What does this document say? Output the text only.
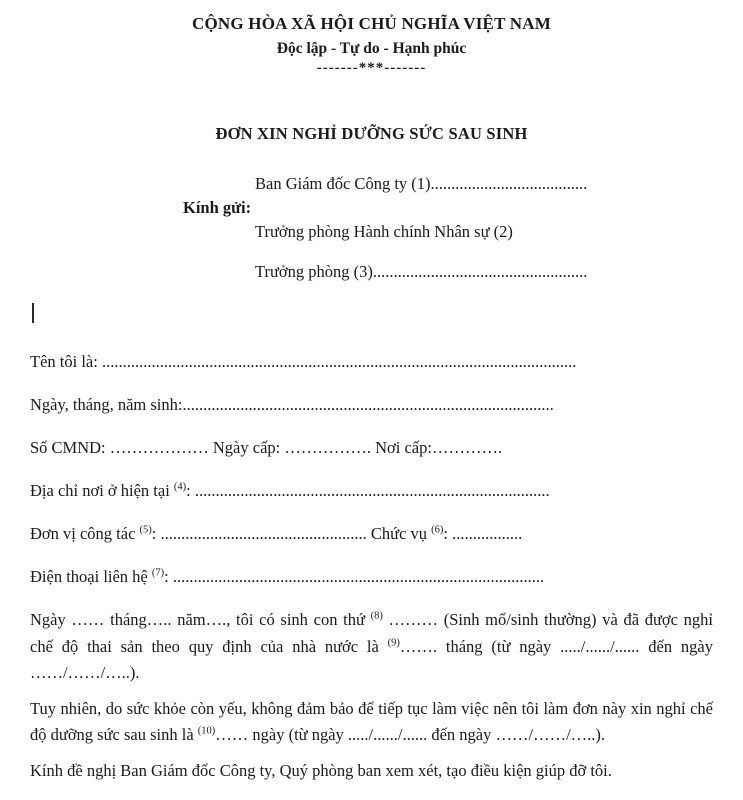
CỘNG HÒA XÃ HỘI CHỦ NGHĨA VIỆT NAM
Độc lập - Tự do - Hạnh phúc
-------***-------
ĐƠN XIN NGHỈ DƯỠNG SỨC SAU SINH
Ban Giám đốc Công ty (1)......................................
Kính gửi:
Trưởng phòng Hành chính Nhân sự (2)
Trưởng phòng (3)....................................................
Tên tôi là: ...................................................................................................................
Ngày, tháng, năm sinh:..........................................................................................
Số CMND: ……………… Ngày cấp: ……………. Nơi cấp:………….
Địa chỉ nơi ở hiện tại $^{(4)}$: ......................................................................................
Đơn vị công tác $^{(5)}$: .................................................. Chức vụ $^{(6)}$: .................
Điện thoại liên hệ $^{(7)}$: ..........................................................................................

Ngày …… tháng….. năm…., tôi có sinh con thứ $^{(8)}$ ……… (Sinh mổ/sinh thường) và đã được nghỉ chế độ thai sản theo quy định của nhà nước là $^{(9)}$……. tháng (từ ngày ...../....../...... đến ngày ……/……/…..).

Tuy nhiên, do sức khỏe còn yếu, không đảm bảo để tiếp tục làm việc nên tôi làm đơn này xin nghỉ chế độ dưỡng sức sau sinh là $^{(10)}$…… ngày (từ ngày ...../....../...... đến ngày ……/……/…..).

Kính đề nghị Ban Giám đốc Công ty, Quý phòng ban xem xét, tạo điều kiện giúp đỡ tôi.
